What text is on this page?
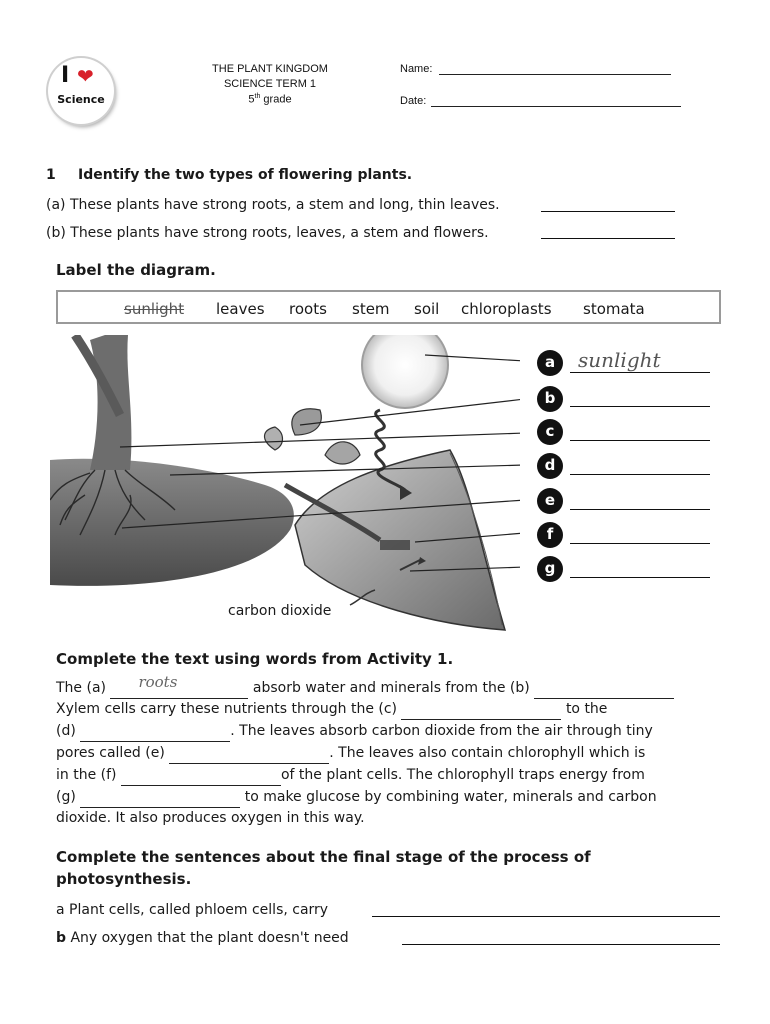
I ❤
Science
THE PLANT KINGDOM
SCIENCE TERM 1
5th grade
Name:
Date:
1 Identify the two types of flowering plants.
(a) These plants have strong roots, a stem and long, thin leaves.
(b) These plants have strong roots, leaves, a stem and flowers.
Label the diagram.
sunlight leaves roots stem soil chloroplasts stomata
a	sunlight
b
c
d
e
f
g
carbon dioxide
Complete the text using words from Activity 1.
The (a) roots	absorb water and minerals from the (b)
Xylem cells carry these nutrients through the (c)	to the
(d)	. The leaves absorb carbon dioxide from the air through tiny
pores called (e)	. The leaves also contain chlorophyll which is
in the (f)	of the plant cells. The chlorophyll traps energy from
(g)	to make glucose by combining water, minerals and carbon
dioxide. It also produces oxygen in this way.
Complete the sentences about the final stage of the process of
photosynthesis.
a Plant cells, called phloem cells, carry
b Any oxygen that the plant doesn't need
